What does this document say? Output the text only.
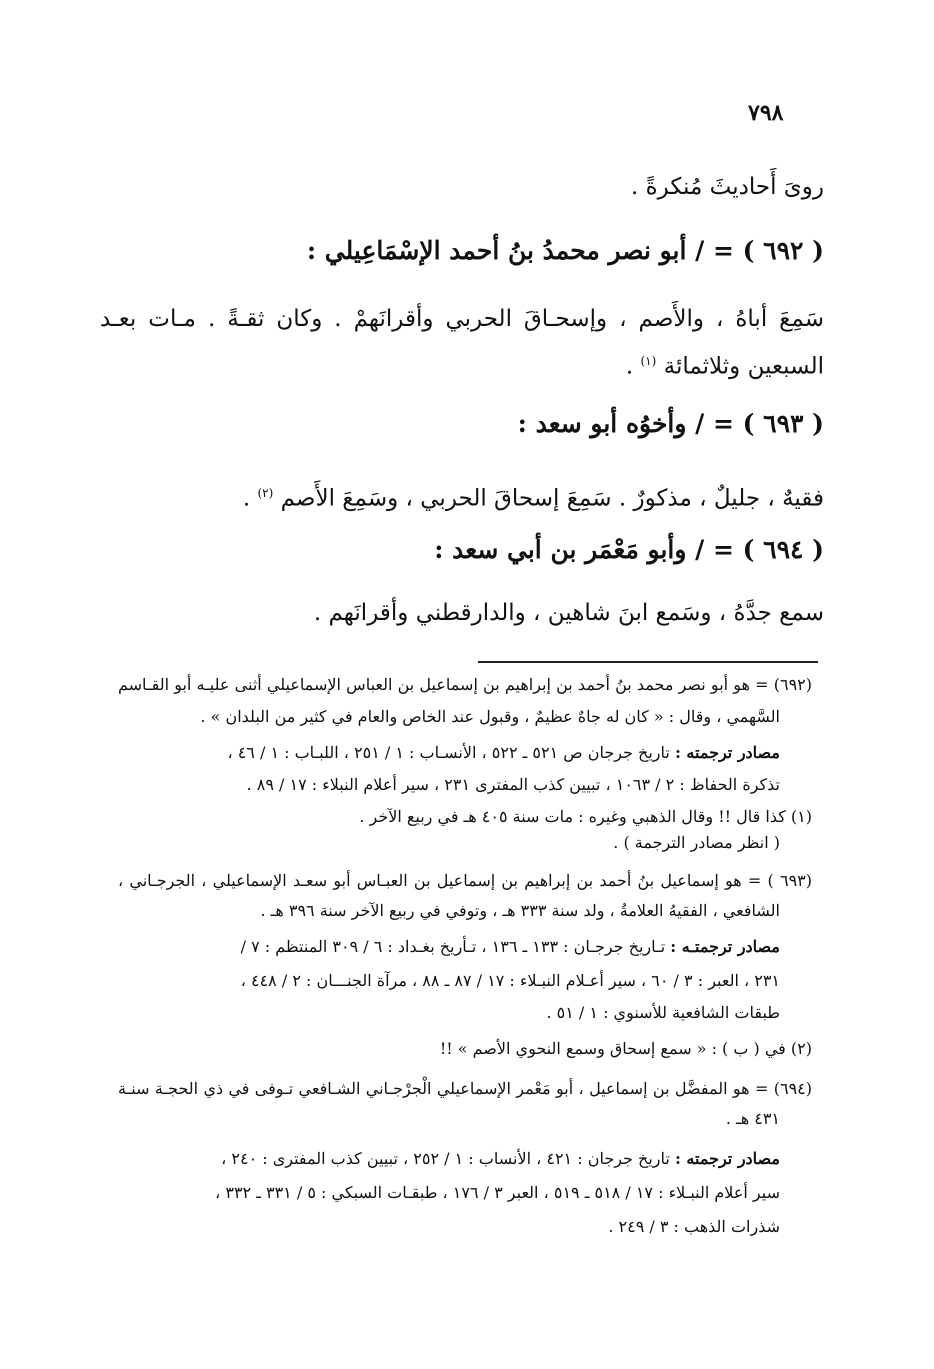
٧٩٨
روىَ أَحاديثَ مُنكرةً .
( ٦٩٢ ) = / أبو نصر محمدُ بنُ أحمد الإسْمَاعِيلي :
سَمِعَ أباهُ ، والأَصم ، وإسحـاقَ الحربي وأقرانَهمْ . وكان ثقـةً . مـات بعـد
السبعين وثلاثمائة $^{(١)}$ .
( ٦٩٣ ) = / وأخوُه أبو سعد :
فقيهٌ ، جليلٌ ، مذكورٌ . سَمِعَ إسحاقَ الحربي ، وسَمِعَ الأَصم $^{(٢)}$ .
( ٦٩٤ ) = / وأبو مَعْمَر بن أبي سعد :
سمع جدَّهُ ، وسَمع ابنَ شاهين ، والدارقطني وأقرانَهم .
(٦٩٢) = هو أبو نصر محمد بنُ أحمد بن إبراهيم بن إسماعيل بن العباس الإسماعيلي أثنى عليـه أبو القـاسم
السَّهمي ، وقال : « كان له جاهٌ عظيمٌ ، وقبول عند الخاص والعام في كثير من البلدان » .
مصادر ترجمته : تاريخ جرجان ص ٥٢١ ـ ٥٢٢ ، الأنسـاب : ١ / ٢٥١ ، اللبـاب : ١ / ٤٦ ،
تذكرة الحفاظ : ٢ / ١٠٦٣ ، تبيين كذب المفترى ٢٣١ ، سير أعلام النبلاء : ١٧ / ٨٩ .
(١) كذا قال !! وقال الذهبي وغيره : مات سنة ٤٠٥ هـ في ربيع الآخر .
( انظر مصادر الترجمة ) .
(٦٩٣ ) = هو إسماعيل بنُ أحمد بن إبراهيم بن إسماعيل بن العبـاس أبو سعـد الإسماعيلي ، الجرجـاني ،
الشافعي ، الفقيهُ العلامةُ ، ولد سنة ٣٣٣ هـ ، وتوفي في ربيع الآخر سنة ٣٩٦ هـ .
مصادر ترجمتـه : تـاريخ جرجـان : ١٣٣ ـ ١٣٦ ، تـأريخ بغـداد : ٦ / ٣٠٩ المنتظم : ٧ /
٢٣١ ، العبر : ٣ / ٦٠ ، سير أعـلام النبـلاء : ١٧ / ٨٧ ـ ٨٨ ، مرآة الجنـــان : ٢ / ٤٤٨ ،
طبقات الشافعية للأسنوي : ١ / ٥١ .
(٢) في ( ب ) : « سمع إسحاق وسمع النحوي الأصم » !!
(٦٩٤) = هو المفضَّل بن إسماعيل ، أبو مَعْمر الإسماعيلي الْجرْجـاني الشـافعي تـوفى في ذي الحجـة سنـة
٤٣١ هـ .
مصادر ترجمته : تاريخ جرجان : ٤٢١ ، الأنساب : ١ / ٢٥٢ ، تبيين كذب المفترى : ٢٤٠ ،
سير أعلام النبـلاء : ١٧ / ٥١٨ ـ ٥١٩ ، العبر ٣ / ١٧٦ ، طبقـات السبكي : ٥ / ٣٣١ ـ ٣٣٢ ،
شذرات الذهب : ٣ / ٢٤٩ .
